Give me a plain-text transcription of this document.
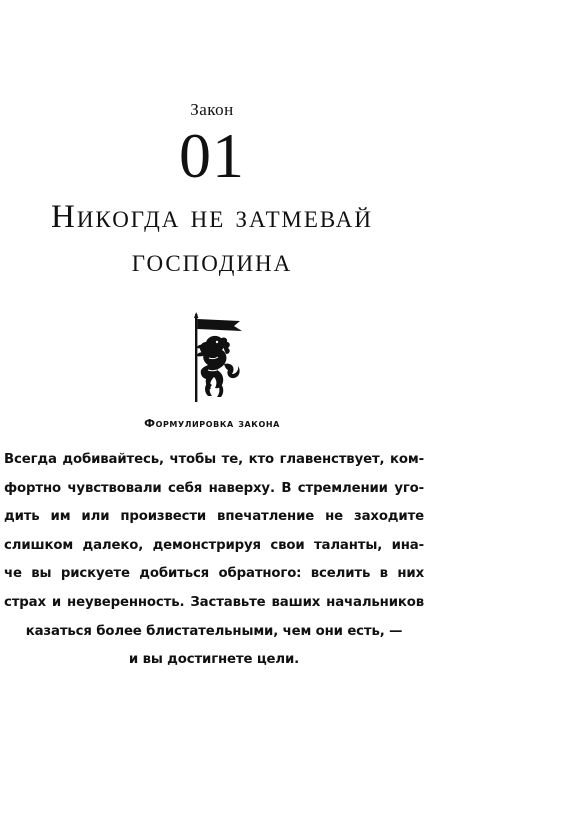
Закон
01
Никогда не затмевай
господина
Формулировка закона

Всегда добивайтесь, чтобы те, кто главенствует, ком-
фортно чувствовали себя наверху. В стремлении уго-
дить им или произвести впечатление не заходите
слишком далеко, демонстрируя свои таланты, ина-
че вы рискуете добиться обратного: вселить в них
страх и неуверенность. Заставьте ваших начальников
казаться более блистательными, чем они есть, —
и вы достигнете цели.
